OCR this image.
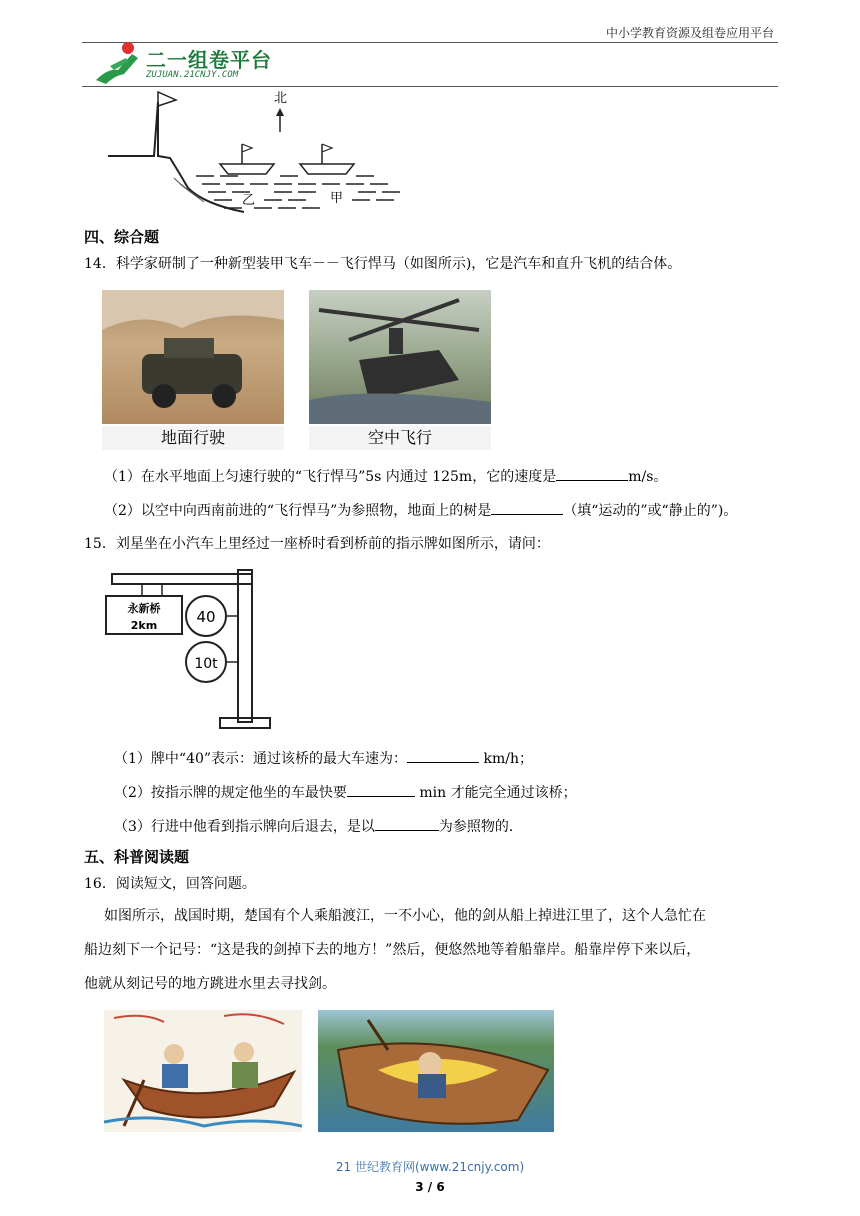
中小学教育资源及组卷应用平台
二一组卷平台
ZUJUAN.21CNJY.COM
北
乙	甲
四、综合题
14．科学家研制了一种新型装甲飞车－－飞行悍马（如图所示)，它是汽车和直升飞机的结合体。
地面行驶	空中飞行
（1）在水平地面上匀速行驶的“飞行悍马”5s 内通过 125m，它的速度是	m/s。
（2）以空中向西南前进的“飞行悍马”为参照物，地面上的树是	（填“运动的”或“静止的”)。
15．刘星坐在小汽车上里经过一座桥时看到桥前的指示牌如图所示，请问：
永新桥
2km	40
10t
（1）牌中“40”表示：通过该桥的最大车速为：	km/h；
（2）按指示牌的规定他坐的车最快要	min 才能完全通过该桥；
（3）行进中他看到指示牌向后退去，是以	为参照物的.
五、科普阅读题
16．阅读短文，回答问题。
如图所示，战国时期，楚国有个人乘船渡江，一不小心，他的剑从船上掉进江里了，这个人急忙在
船边刻下一个记号：“这是我的剑掉下去的地方！”然后，便悠然地等着船靠岸。船靠岸停下来以后，
他就从刻记号的地方跳进水里去寻找剑。
21 世纪教育网(www.21cnjy.com)
3 / 6
